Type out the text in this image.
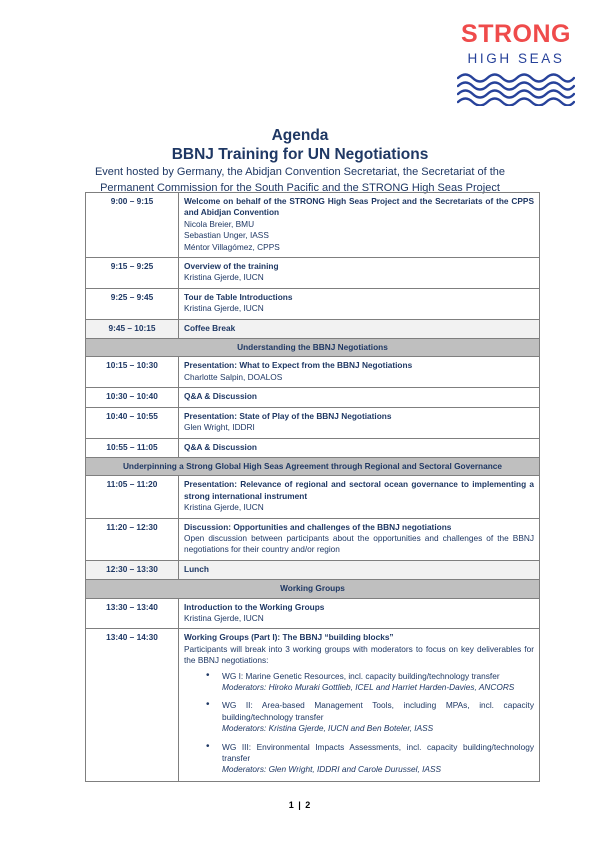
STRONG
HIGH SEAS
Agenda
BBNJ Training for UN Negotiations
Event hosted by Germany, the Abidjan Convention Secretariat, the Secretariat of the
Permanent Commission for the South Pacific and the STRONG High Seas Project
9:00 – 9:15	Welcome on behalf of the STRONG High Seas Project and the Secretariats of the CPPS and Abidjan Convention
Nicola Breier, BMU
Sebastian Unger, IASS
Méntor Villagómez, CPPS

9:15 – 9:25	Overview of the training
Kristina Gjerde, IUCN

9:25 – 9:45	Tour de Table Introductions
Kristina Gjerde, IUCN

9:45 – 10:15	Coffee Break

Understanding the BBNJ Negotiations	
10:15 – 10:30	Presentation: What to Expect from the BBNJ Negotiations
Charlotte Salpin, DOALOS

10:30 – 10:40	Q&A & Discussion

10:40 – 10:55	Presentation: State of Play of the BBNJ Negotiations
Glen Wright, IDDRI

10:55 – 11:05	Q&A & Discussion

Underpinning a Strong Global High Seas Agreement through Regional and Sectoral Governance	
11:05 – 11:20	Presentation: Relevance of regional and sectoral ocean governance to implementing a strong international instrument
Kristina Gjerde, IUCN

11:20 – 12:30	Discussion: Opportunities and challenges of the BBNJ negotiations
Open discussion between participants about the opportunities and challenges of the BBNJ negotiations for their country and/or region

12:30 – 13:30	Lunch

Working Groups	
13:30 – 13:40	Introduction to the Working Groups
Kristina Gjerde, IUCN

13:40 – 14:30	Working Groups (Part I): The BBNJ “building blocks”
Participants will break into 3 working groups with moderators to focus on key deliverables for the BBNJ negotiations:
• WG I: Marine Genetic Resources, incl. capacity building/technology transfer
Moderators: Hiroko Muraki Gottlieb, ICEL and Harriet Harden-Davies, ANCORS
• WG II: Area-based Management Tools, including MPAs, incl. capacity building/technology transfer
Moderators: Kristina Gjerde, IUCN and Ben Boteler, IASS
• WG III: Environmental Impacts Assessments, incl. capacity building/technology transfer
Moderators: Glen Wright, IDDRI and Carole Durussel, IASS
1 | 2
